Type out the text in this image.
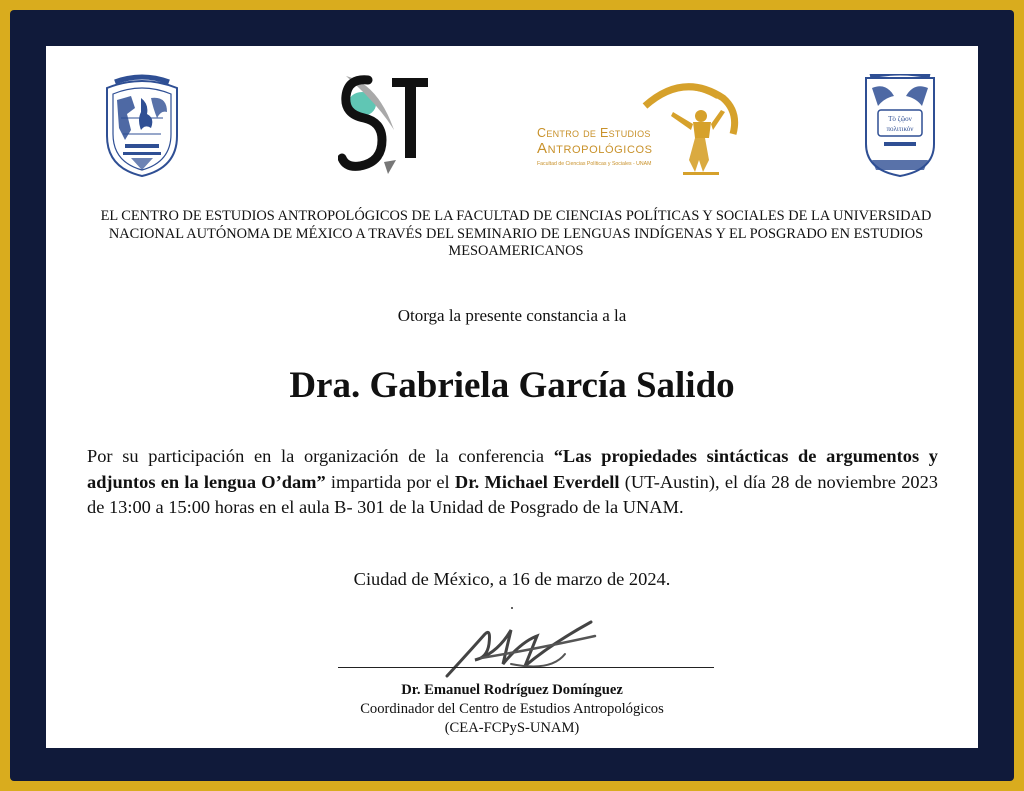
ST
Centro de Estudios
Antropológicos
Facultad de Ciencias Políticas y Sociales - UNAM
Τὸ ζῷον
πολιτικόν
EL CENTRO DE ESTUDIOS ANTROPOLÓGICOS DE LA FACULTAD DE CIENCIAS POLÍTICAS Y SOCIALES DE LA UNIVERSIDAD NACIONAL AUTÓNOMA DE MÉXICO A TRAVÉS DEL SEMINARIO DE LENGUAS INDÍGENAS Y EL POSGRADO EN ESTUDIOS MESOAMERICANOS
Otorga la presente constancia a la
Dra. Gabriela García Salido
Por su participación en la organización de la conferencia “Las propiedades sintácticas de argumentos y adjuntos en la lengua O’dam” impartida por el Dr. Michael Everdell (UT-Austin), el día 28 de noviembre 2023 de 13:00 a 15:00 horas en el aula B- 301 de la Unidad de Posgrado de la UNAM.
Ciudad de México, a 16 de marzo de 2024.
Dr. Emanuel Rodríguez Domínguez
Coordinador del Centro de Estudios Antropológicos
(CEA-FCPyS-UNAM)
